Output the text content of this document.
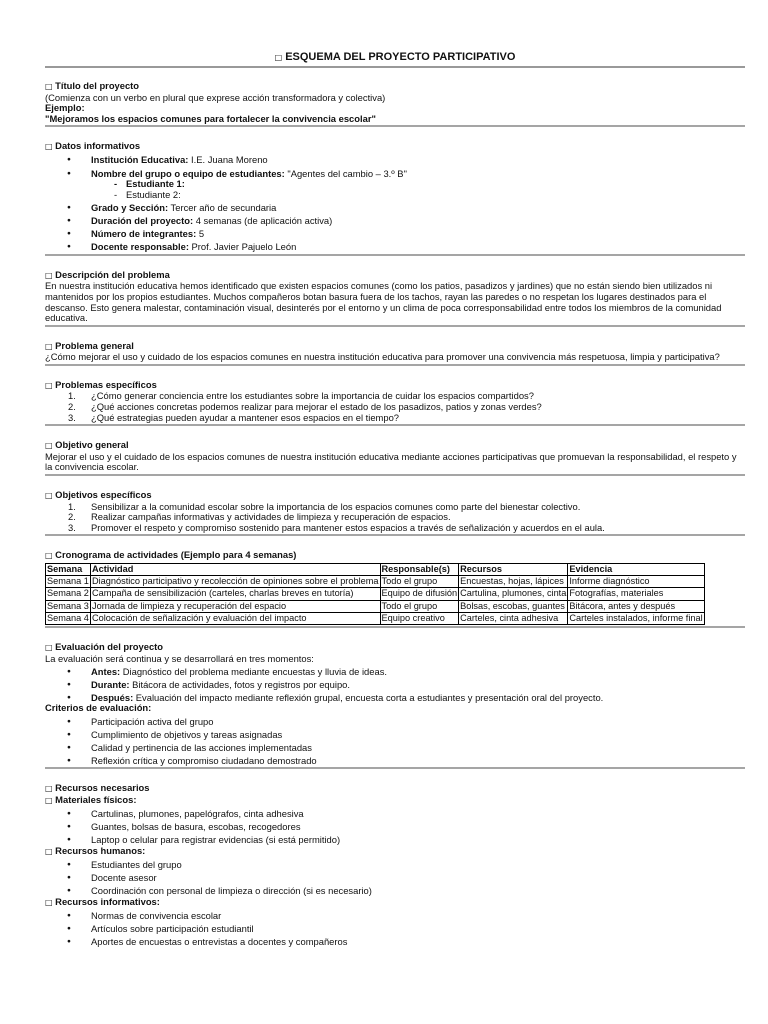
□ ESQUEMA DEL PROYECTO PARTICIPATIVO
□ Título del proyecto
(Comienza con un verbo en plural que exprese acción transformadora y colectiva)
Ejemplo:
"Mejoramos los espacios comunes para fortalecer la convivencia escolar"
□ Datos informativos
● Institución Educativa: I.E. Juana Moreno
● Nombre del grupo o equipo de estudiantes: "Agentes del cambio – 3.º B"
- Estudiante 1:
- Estudiante 2:
● Grado y Sección: Tercer año de secundaria
● Duración del proyecto: 4 semanas (de aplicación activa)
● Número de integrantes: 5
● Docente responsable: Prof. Javier Pajuelo León
□ Descripción del problema
En nuestra institución educativa hemos identificado que existen espacios comunes (como los patios, pasadizos y jardines) que no están siendo bien utilizados ni mantenidos por los propios estudiantes. Muchos compañeros botan basura fuera de los tachos, rayan las paredes o no respetan los lugares destinados para el descanso. Esto genera malestar, contaminación visual, desinterés por el entorno y un clima de poca corresponsabilidad entre todos los miembros de la comunidad educativa.
□ Problema general
¿Cómo mejorar el uso y cuidado de los espacios comunes en nuestra institución educativa para promover una convivencia más respetuosa, limpia y participativa?
□ Problemas específicos
1. ¿Cómo generar conciencia entre los estudiantes sobre la importancia de cuidar los espacios compartidos?
2. ¿Qué acciones concretas podemos realizar para mejorar el estado de los pasadizos, patios y zonas verdes?
3. ¿Qué estrategias pueden ayudar a mantener esos espacios en el tiempo?
□ Objetivo general
Mejorar el uso y el cuidado de los espacios comunes de nuestra institución educativa mediante acciones participativas que promuevan la responsabilidad, el respeto y la convivencia escolar.
□ Objetivos específicos
1. Sensibilizar a la comunidad escolar sobre la importancia de los espacios comunes como parte del bienestar colectivo.
2. Realizar campañas informativas y actividades de limpieza y recuperación de espacios.
3. Promover el respeto y compromiso sostenido para mantener estos espacios a través de señalización y acuerdos en el aula.
□ Cronograma de actividades (Ejemplo para 4 semanas)
Semana	Actividad	Responsable(s)	Recursos	Evidencia
Semana 1	Diagnóstico participativo y recolección de opiniones sobre el problema	Todo el grupo	Encuestas, hojas, lápices	Informe diagnóstico
Semana 2	Campaña de sensibilización (carteles, charlas breves en tutoría)	Equipo de difusión	Cartulina, plumones, cinta	Fotografías, materiales
Semana 3	Jornada de limpieza y recuperación del espacio	Todo el grupo	Bolsas, escobas, guantes	Bitácora, antes y después
Semana 4	Colocación de señalización y evaluación del impacto	Equipo creativo	Carteles, cinta adhesiva	Carteles instalados, informe final
□ Evaluación del proyecto
La evaluación será continua y se desarrollará en tres momentos:
● Antes: Diagnóstico del problema mediante encuestas y lluvia de ideas.
● Durante: Bitácora de actividades, fotos y registros por equipo.
● Después: Evaluación del impacto mediante reflexión grupal, encuesta corta a estudiantes y presentación oral del proyecto.
Criterios de evaluación:
● Participación activa del grupo
● Cumplimiento de objetivos y tareas asignadas
● Calidad y pertinencia de las acciones implementadas
● Reflexión crítica y compromiso ciudadano demostrado
□ Recursos necesarios
□ Materiales físicos:
● Cartulinas, plumones, papelógrafos, cinta adhesiva
● Guantes, bolsas de basura, escobas, recogedores
● Laptop o celular para registrar evidencias (si está permitido)
□ Recursos humanos:
● Estudiantes del grupo
● Docente asesor
● Coordinación con personal de limpieza o dirección (si es necesario)
□ Recursos informativos:
● Normas de convivencia escolar
● Artículos sobre participación estudiantil
● Aportes de encuestas o entrevistas a docentes y compañeros
